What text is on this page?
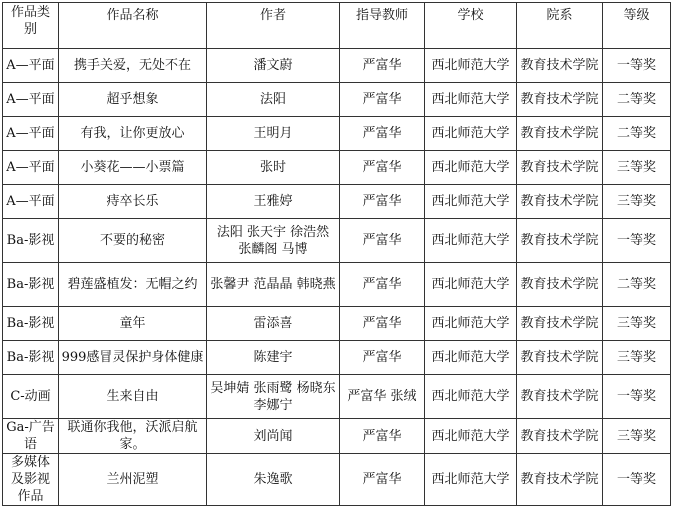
作品类别	作品名称	作者	指导教师	学校	院系	等级
A—平面	携手关爱，无处不在	潘文蔚	严富华	西北师范大学	教育技术学院	一等奖
A—平面	超乎想象	法阳	严富华	西北师范大学	教育技术学院	二等奖
A—平面	有我，让你更放心	王明月	严富华	西北师范大学	教育技术学院	二等奖
A—平面	小葵花——小票篇	张时	严富华	西北师范大学	教育技术学院	三等奖
A—平面	痔卒长乐	王雅婷	严富华	西北师范大学	教育技术学院	三等奖
Ba-影视	不要的秘密	法阳 张天宇 徐浩然 张麟阁 马博	严富华	西北师范大学	教育技术学院	一等奖
Ba-影视	碧莲盛植发：无帽之约	张馨尹 范晶晶 韩晓燕	严富华	西北师范大学	教育技术学院	二等奖
Ba-影视	童年	雷添喜	严富华	西北师范大学	教育技术学院	三等奖
Ba-影视	999感冒灵保护身体健康	陈建宇	严富华	西北师范大学	教育技术学院	三等奖
C-动画	生来自由	吴坤婧 张雨鹭 杨晓东 李娜宁	严富华 张绒	西北师范大学	教育技术学院	一等奖
Ga-广告语	联通你我他，沃派启航家。	刘尚闻	严富华	西北师范大学	教育技术学院	三等奖
多媒体及影视作品	兰州泥塑	朱逸歌	严富华	西北师范大学	教育技术学院	一等奖
